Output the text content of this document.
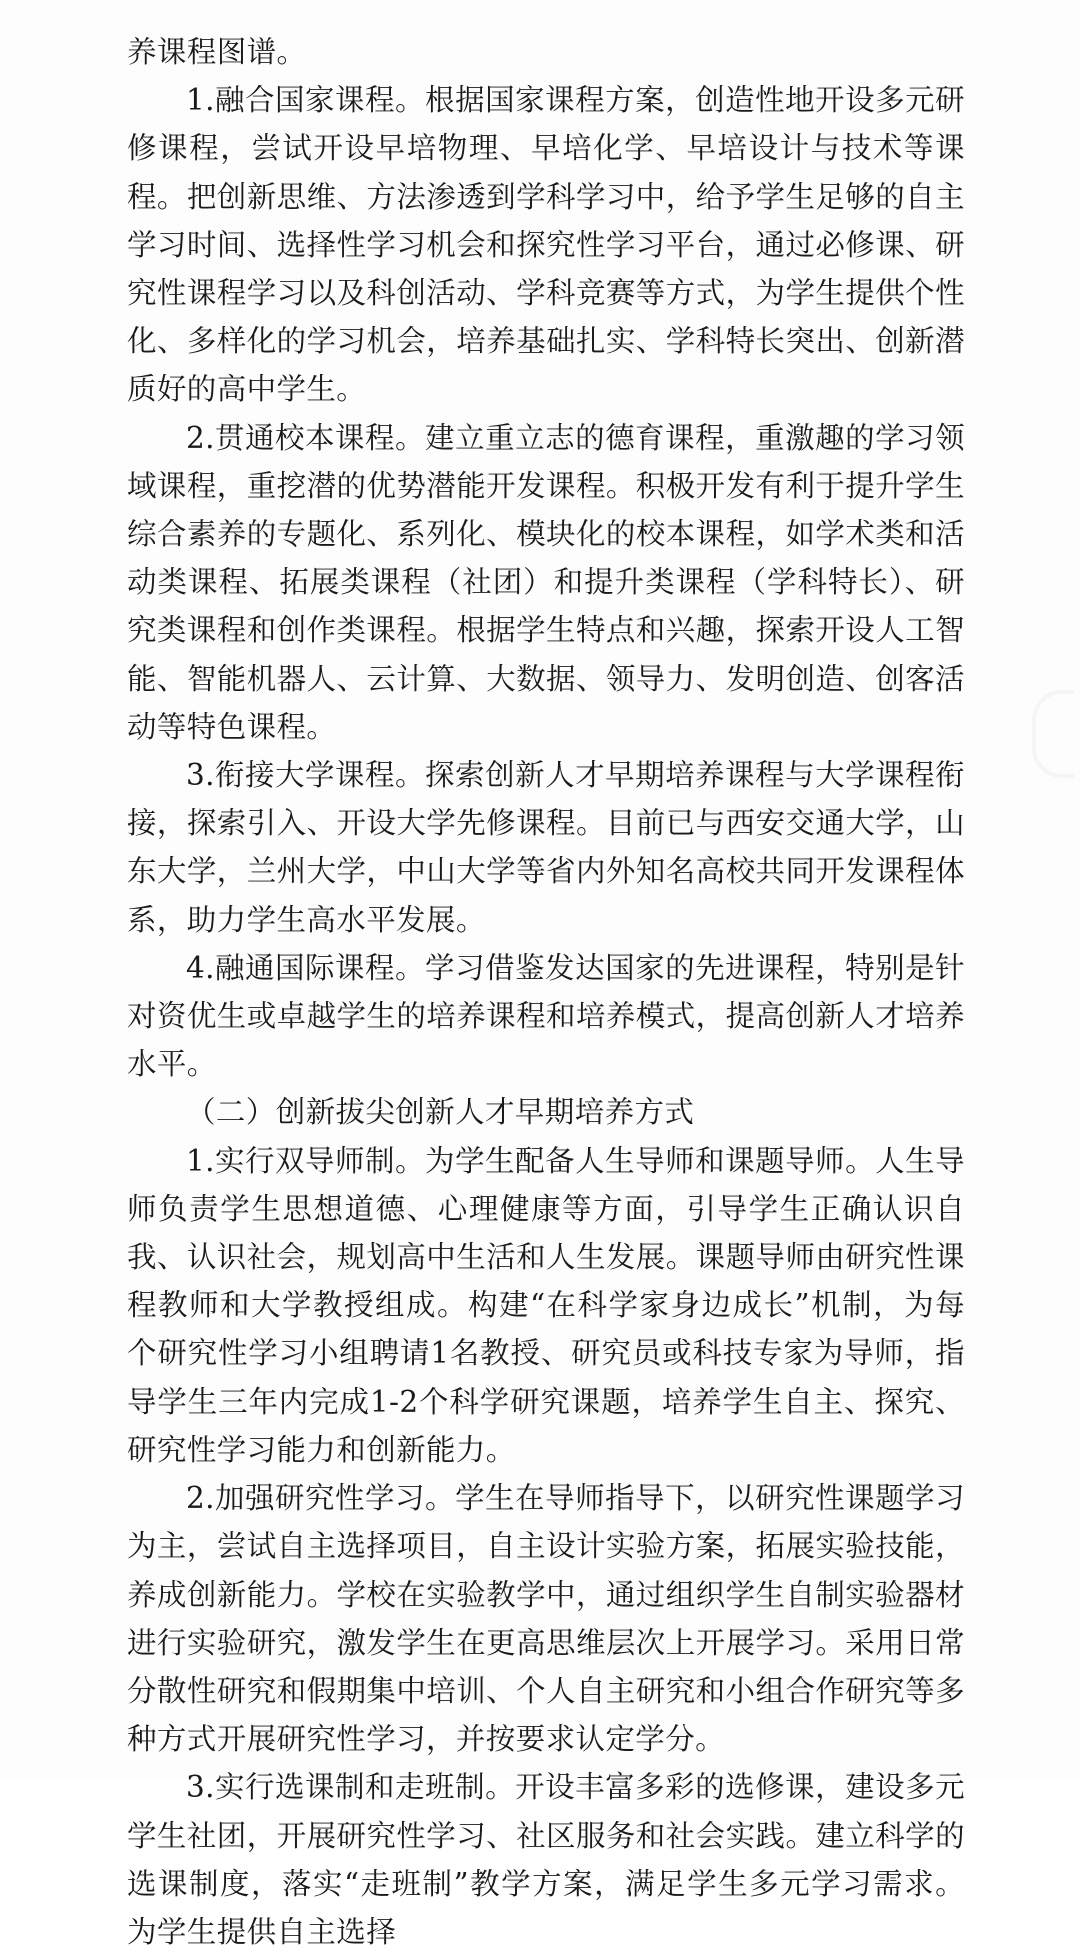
养课程图谱。

1.融合国家课程。根据国家课程方案，创造性地开设多元研修课程，尝试开设早培物理、早培化学、早培设计与技术等课程。把创新思维、方法渗透到学科学习中，给予学生足够的自主学习时间、选择性学习机会和探究性学习平台，通过必修课、研究性课程学习以及科创活动、学科竞赛等方式，为学生提供个性化、多样化的学习机会，培养基础扎实、学科特长突出、创新潜质好的高中学生。

2.贯通校本课程。建立重立志的德育课程，重激趣的学习领域课程，重挖潜的优势潜能开发课程。积极开发有利于提升学生综合素养的专题化、系列化、模块化的校本课程，如学术类和活动类课程、拓展类课程（社团）和提升类课程（学科特长）、研究类课程和创作类课程。根据学生特点和兴趣，探索开设人工智能、智能机器人、云计算、大数据、领导力、发明创造、创客活动等特色课程。

3.衔接大学课程。探索创新人才早期培养课程与大学课程衔接，探索引入、开设大学先修课程。目前已与西安交通大学，山东大学，兰州大学，中山大学等省内外知名高校共同开发课程体系，助力学生高水平发展。

4.融通国际课程。学习借鉴发达国家的先进课程，特别是针对资优生或卓越学生的培养课程和培养模式，提高创新人才培养水平。

（二）创新拔尖创新人才早期培养方式

1.实行双导师制。为学生配备人生导师和课题导师。人生导师负责学生思想道德、心理健康等方面，引导学生正确认识自我、认识社会，规划高中生活和人生发展。课题导师由研究性课程教师和大学教授组成。构建“在科学家身边成长”机制，为每个研究性学习小组聘请1名教授、研究员或科技专家为导师，指导学生三年内完成1-2个科学研究课题，培养学生自主、探究、研究性学习能力和创新能力。

2.加强研究性学习。学生在导师指导下，以研究性课题学习为主，尝试自主选择项目，自主设计实验方案，拓展实验技能，养成创新能力。学校在实验教学中，通过组织学生自制实验器材进行实验研究，激发学生在更高思维层次上开展学习。采用日常分散性研究和假期集中培训、个人自主研究和小组合作研究等多种方式开展研究性学习，并按要求认定学分。

3.实行选课制和走班制。开设丰富多彩的选修课，建设多元学生社团，开展研究性学习、社区服务和社会实践。建立科学的选课制度，落实“走班制”教学方案，满足学生多元学习需求。为学生提供自主选择
